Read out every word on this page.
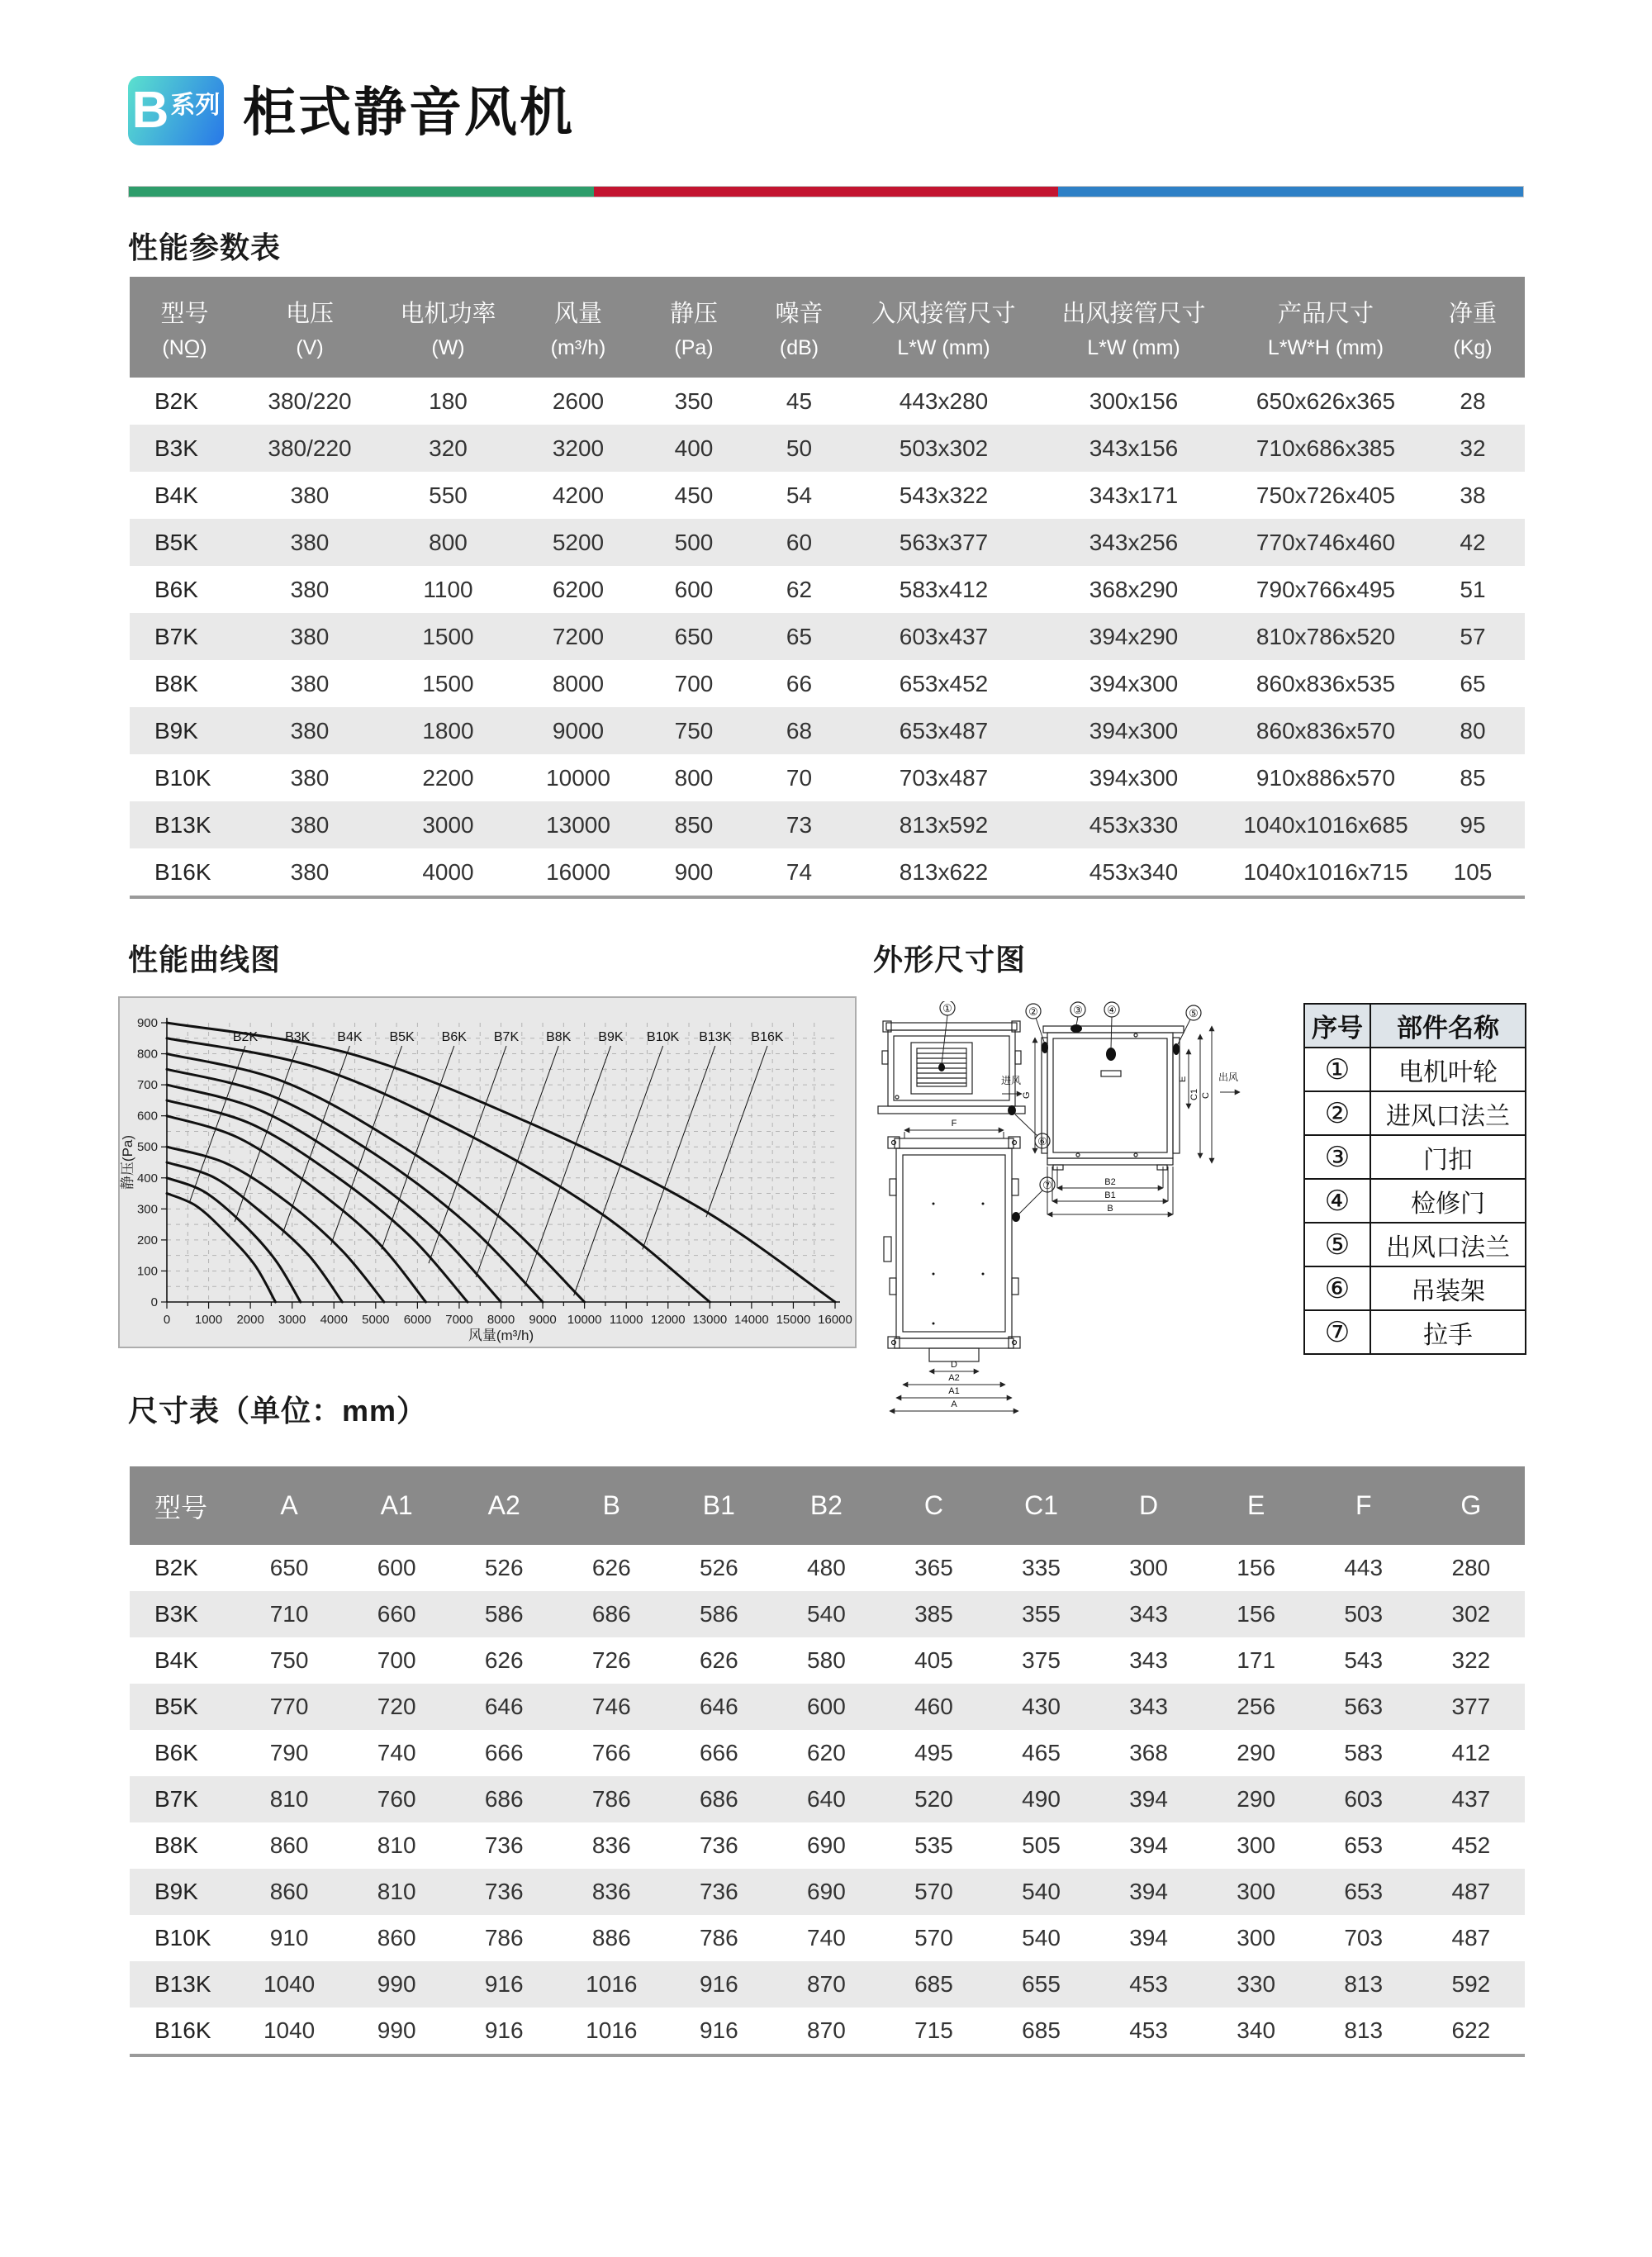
B 系列 柜式静音风机
性能参数表
型号
(NO̲)

电压
(V)

电机功率
(W)

风量
(m³/h)

静压
(Pa)

噪音
(dB)

入风接管尺寸
L*W (mm)

出风接管尺寸
L*W (mm)

产品尺寸
L*W*H (mm)

净重
(Kg)

B2K	380/220	180	2600	350	45	443x280	300x156	650x626x365	28
B3K	380/220	320	3200	400	50	503x302	343x156	710x686x385	32
B4K	380	550	4200	450	54	543x322	343x171	750x726x405	38
B5K	380	800	5200	500	60	563x377	343x256	770x746x460	42
B6K	380	1100	6200	600	62	583x412	368x290	790x766x495	51
B7K	380	1500	7200	650	65	603x437	394x290	810x786x520	57
B8K	380	1500	8000	700	66	653x452	394x300	860x836x535	65
B9K	380	1800	9000	750	68	653x487	394x300	860x836x570	80
B10K	380	2200	10000	800	70	703x487	394x300	910x886x570	85
B13K	380	3000	13000	850	73	813x592	453x330	1040x1016x685	95
B16K	380	4000	16000	900	74	813x622	453x340	1040x1016x715	105
性能曲线图
0
100
200
300
400
500
600
700
800
900
0 1000 2000 3000 4000 5000 6000 7000 8000 9000 10000 11000 12000 13000 14000 15000 16000
风量(m³/h)
静压(Pa)
B2K B3K B4K B5K B6K B7K B8K B9K B10K B13K B16K
外形尺寸图
①
⑥
②	③ ④	⑤
进风
G
E
C1 C
出风
B2
B1
B
F
⑦
D
A2
A1
A
序号	部件名称
①	电机叶轮
②	进风口法兰
③	门扣
④	检修门
⑤	出风口法兰
⑥	吊装架
⑦	拉手
尺寸表（单位：mm）
型号	A	A1	A2	B	B1	B2	C	C1	D	E	F	G
B2K	650	600	526	626	526	480	365	335	300	156	443	280
B3K	710	660	586	686	586	540	385	355	343	156	503	302
B4K	750	700	626	726	626	580	405	375	343	171	543	322
B5K	770	720	646	746	646	600	460	430	343	256	563	377
B6K	790	740	666	766	666	620	495	465	368	290	583	412
B7K	810	760	686	786	686	640	520	490	394	290	603	437
B8K	860	810	736	836	736	690	535	505	394	300	653	452
B9K	860	810	736	836	736	690	570	540	394	300	653	487
B10K	910	860	786	886	786	740	570	540	394	300	703	487
B13K	1040	990	916	1016	916	870	685	655	453	330	813	592
B16K	1040	990	916	1016	916	870	715	685	453	340	813	622
